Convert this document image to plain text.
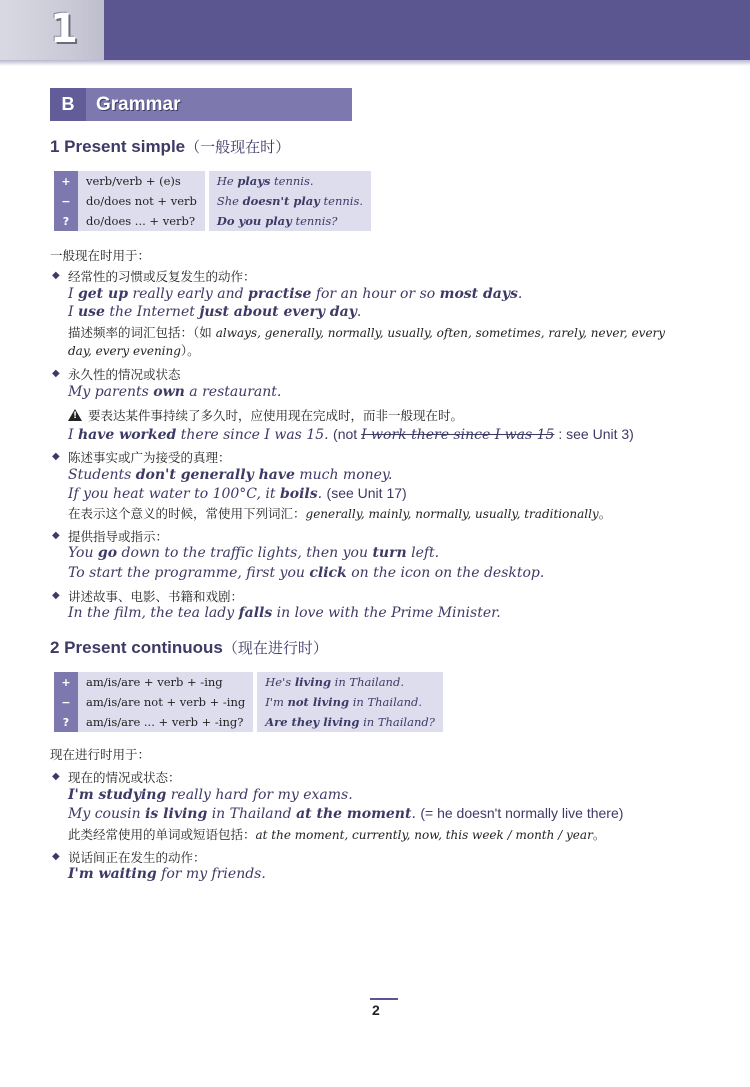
1
B	Grammar
1 Present simple（一般现在时）
+	verb/verb + (e)s		He plays tennis.
−	do/does not + verb		She doesn't play tennis.
?	do/does ... + verb?		Do you play tennis?
一般现在时用于：
◆ 经常性的习惯或反复发生的动作：
I get up really early and practise for an hour or so most days.
I use the Internet just about every day.
描述频率的词汇包括：（如 always, generally, normally, usually, often, sometimes, rarely, never, every
day, every evening）。
◆ 永久性的情况或状态
My parents own a restaurant.
! 要表达某件事持续了多久时，应使用现在完成时，而非一般现在时。
I have worked there since I was 15. (not I work there since I was 15 : see Unit 3)
◆ 陈述事实或广为接受的真理：
Students don't generally have much money.
If you heat water to 100°C, it boils. (see Unit 17)
在表示这个意义的时候，常使用下列词汇：generally, mainly, normally, usually, traditionally。
◆ 提供指导或指示：
You go down to the traffic lights, then you turn left.
To start the programme, first you click on the icon on the desktop.
◆ 讲述故事、电影、书籍和戏剧：
In the film, the tea lady falls in love with the Prime Minister.
2 Present continuous（现在进行时）
+	am/is/are + verb + -ing		He's living in Thailand.
−	am/is/are not + verb + -ing		I'm not living in Thailand.
?	am/is/are ... + verb + -ing?		Are they living in Thailand?
现在进行时用于：
◆ 现在的情况或状态：
I'm studying really hard for my exams.
My cousin is living in Thailand at the moment. (= he doesn't normally live there)
此类经常使用的单词或短语包括：at the moment, currently, now, this week / month / year。
◆ 说话间正在发生的动作：
I'm waiting for my friends.
2
